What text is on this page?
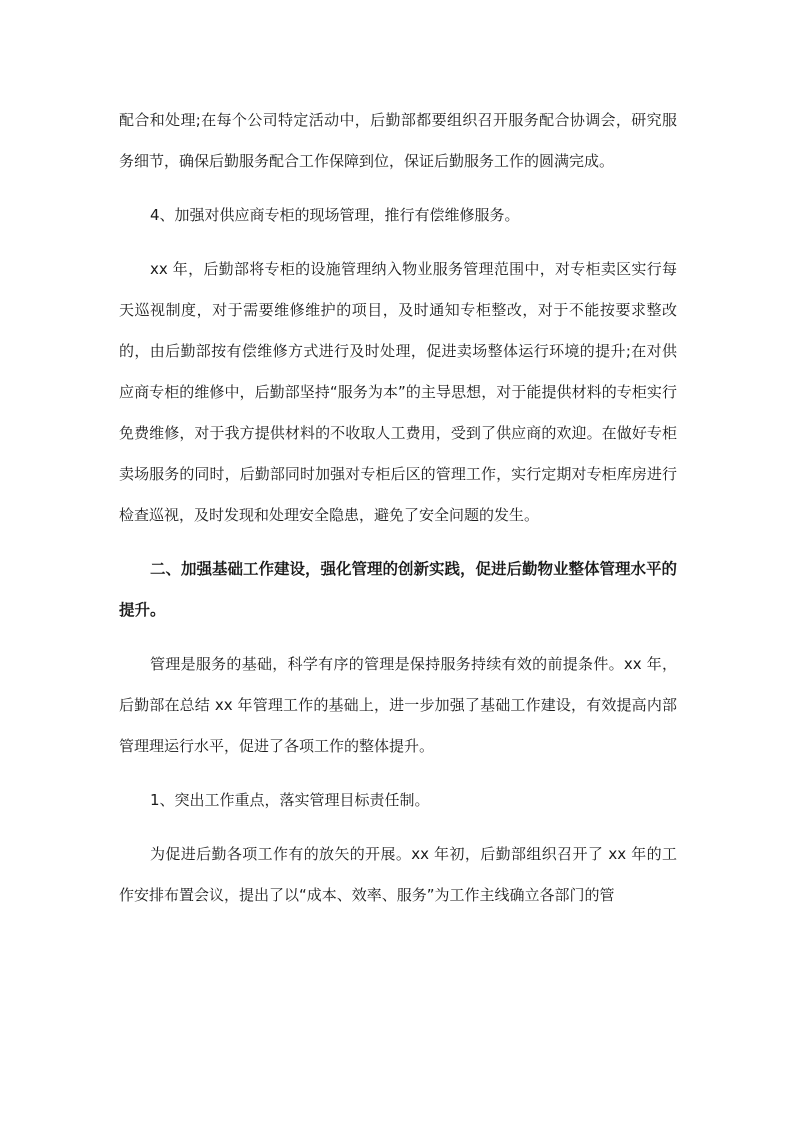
配合和处理;在每个公司特定活动中，后勤部都要组织召开服务配合协调会，研究服务细节，确保后勤服务配合工作保障到位，保证后勤服务工作的圆满完成。

4、加强对供应商专柜的现场管理，推行有偿维修服务。

xx 年，后勤部将专柜的设施管理纳入物业服务管理范围中，对专柜卖区实行每天巡视制度，对于需要维修维护的项目，及时通知专柜整改，对于不能按要求整改的，由后勤部按有偿维修方式进行及时处理，促进卖场整体运行环境的提升;在对供应商专柜的维修中，后勤部坚持“服务为本”的主导思想，对于能提供材料的专柜实行免费维修，对于我方提供材料的不收取人工费用，受到了供应商的欢迎。在做好专柜卖场服务的同时，后勤部同时加强对专柜后区的管理工作，实行定期对专柜库房进行检查巡视，及时发现和处理安全隐患，避免了安全问题的发生。

二、加强基础工作建设，强化管理的创新实践，促进后勤物业整体管理水平的提升。

管理是服务的基础，科学有序的管理是保持服务持续有效的前提条件。xx 年，后勤部在总结 xx 年管理工作的基础上，进一步加强了基础工作建设，有效提高内部管理理运行水平，促进了各项工作的整体提升。

1、突出工作重点，落实管理目标责任制。

为促进后勤各项工作有的放矢的开展。xx 年初，后勤部组织召开了 xx 年的工作安排布置会议，提出了以“成本、效率、服务”为工作主线确立各部门的管
